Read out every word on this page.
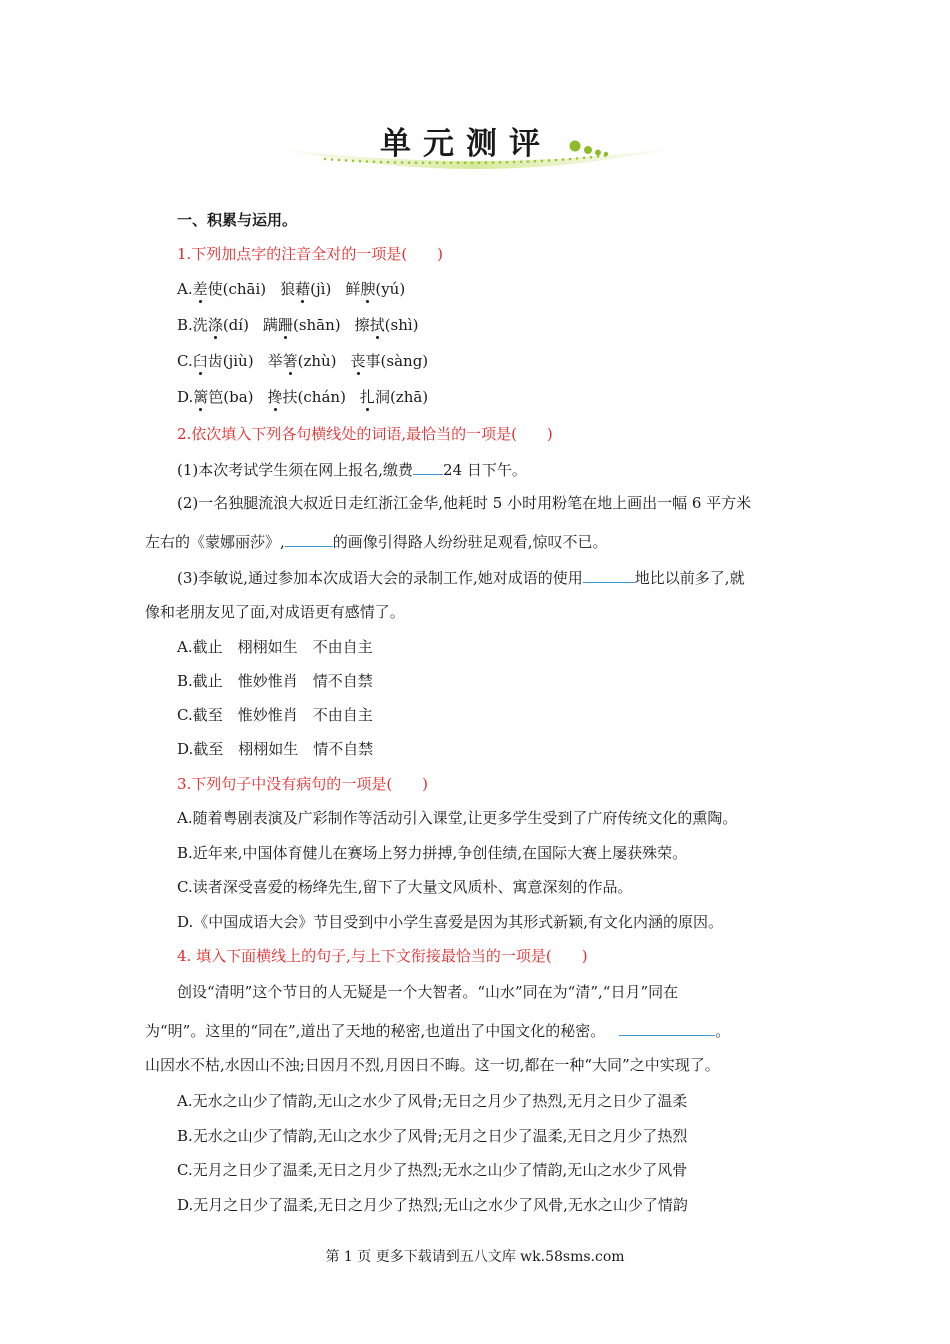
单元测评
一、积累与运用。
1.下列加点字的注音全对的一项是(　　)
A.差使(chāi) 狼藉(jì) 鲜腴(yú)
B.洗涤(dí) 蹒跚(shān) 擦拭(shì)
C.臼齿(jiù) 举箸(zhù) 丧事(sàng)
D.篱笆(ba) 搀扶(chán) 扎洞(zhā)
2.依次填入下列各句横线处的词语,最恰当的一项是(　　)
(1)本次考试学生须在网上报名,缴费 24 日下午。
(2)一名独腿流浪大叔近日走红浙江金华,他耗时 5 小时用粉笔在地上画出一幅 6 平方米
左右的《蒙娜丽莎》,	的画像引得路人纷纷驻足观看,惊叹不已。
(3)李敏说,通过参加本次成语大会的录制工作,她对成语的使用	地比以前多了,就
像和老朋友见了面,对成语更有感情了。
A.截止　栩栩如生　不由自主
B.截止　惟妙惟肖　情不自禁
C.截至　惟妙惟肖　不由自主
D.截至　栩栩如生　情不自禁
3.下列句子中没有病句的一项是(　　)
A.随着粤剧表演及广彩制作等活动引入课堂,让更多学生受到了广府传统文化的熏陶。
B.近年来,中国体育健儿在赛场上努力拼搏,争创佳绩,在国际大赛上屡获殊荣。
C.读者深受喜爱的杨绛先生,留下了大量文风质朴、寓意深刻的作品。
D.《中国成语大会》节目受到中小学生喜爱是因为其形式新颖,有文化内涵的原因。
4. 填入下面横线上的句子,与上下文衔接最恰当的一项是(　　)
创设“清明”这个节日的人无疑是一个大智者。“山水”同在为“清”,“日月”同在
为“明”。这里的“同在”,道出了天地的秘密,也道出了中国文化的秘密。	。
山因水不枯,水因山不浊;日因月不烈,月因日不晦。这一切,都在一种“大同”之中实现了。
A.无水之山少了情韵,无山之水少了风骨;无日之月少了热烈,无月之日少了温柔
B.无水之山少了情韵,无山之水少了风骨;无月之日少了温柔,无日之月少了热烈
C.无月之日少了温柔,无日之月少了热烈;无水之山少了情韵,无山之水少了风骨
D.无月之日少了温柔,无日之月少了热烈;无山之水少了风骨,无水之山少了情韵
第 1 页 更多下载请到五八文库 wk.58sms.com
